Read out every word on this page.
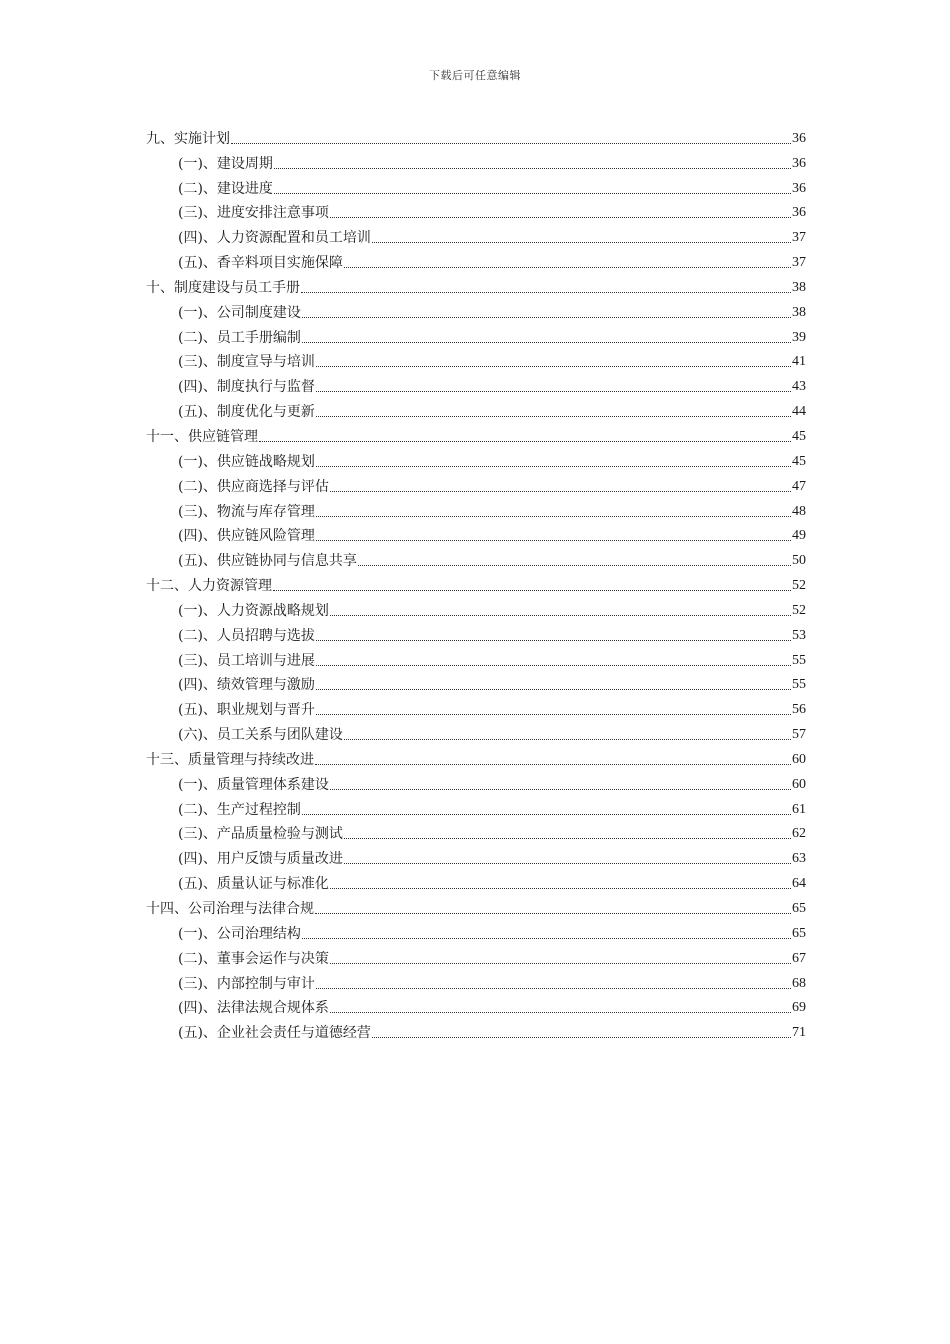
下载后可任意编辑
九、实施计划	36
(一)、建设周期	36
(二)、建设进度	36
(三)、进度安排注意事项	36
(四)、人力资源配置和员工培训	37
(五)、香辛料项目实施保障	37
十、制度建设与员工手册	38
(一)、公司制度建设	38
(二)、员工手册编制	39
(三)、制度宣导与培训	41
(四)、制度执行与监督	43
(五)、制度优化与更新	44
十一、供应链管理	45
(一)、供应链战略规划	45
(二)、供应商选择与评估	47
(三)、物流与库存管理	48
(四)、供应链风险管理	49
(五)、供应链协同与信息共享	50
十二、人力资源管理	52
(一)、人力资源战略规划	52
(二)、人员招聘与选拔	53
(三)、员工培训与进展	55
(四)、绩效管理与激励	55
(五)、职业规划与晋升	56
(六)、员工关系与团队建设	57
十三、质量管理与持续改进	60
(一)、质量管理体系建设	60
(二)、生产过程控制	61
(三)、产品质量检验与测试	62
(四)、用户反馈与质量改进	63
(五)、质量认证与标准化	64
十四、公司治理与法律合规	65
(一)、公司治理结构	65
(二)、董事会运作与决策	67
(三)、内部控制与审计	68
(四)、法律法规合规体系	69
(五)、企业社会责任与道德经营	71
